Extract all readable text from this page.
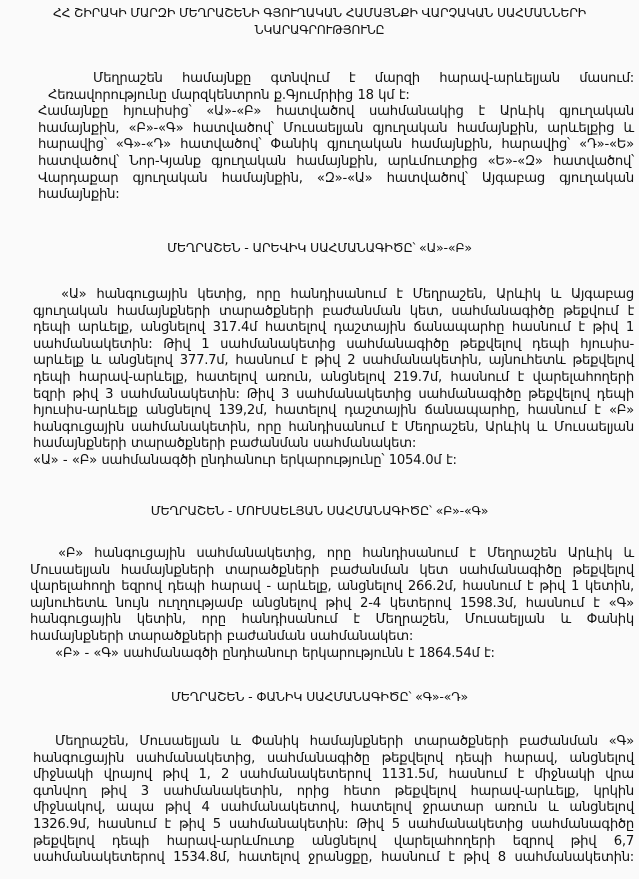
ՀՀ ՇԻՐԱԿԻ ՄԱՐԶԻ ՄԵՂՐԱՇԵՆԻ ԳՅՈՒՂԱԿԱՆ ՀԱՄԱՅՆՔԻ ՎԱՐՉԱԿԱՆ ՍԱՀՄԱՆՆԵՐԻ
ՆԿԱՐԱԳՐՈՒԹՅՈՒՆԸ
Մեղրաշեն համայնքը գտնվում է մարզի հարավ-արևելյան մասում:
Հեռավորությունը մարզկենտրոն ք.Գյումրիից 18 կմ է:
Համայնքը հյուսիսից՝ «Ա»-«Բ» հատվածով սահմանակից է Արևիկ գյուղական
համայնքին, «Բ»-«Գ» հատվածով՝ Մուսաելյան գյուղական համայնքին, արևելքից և
հարավից՝ «Գ»-«Դ» հատվածով՝ Փանիկ գյուղական համայնքին, հարավից՝ «Դ»-«Ե»
հատվածով՝ Նոր-Կյանք գյուղական համայնքին, արևմուտքից «Ե»-«Զ» հատվածով՝
Վարդաքար գյուղական համայնքին, «Զ»-«Ա» հատվածով՝ Այգաբաց գյուղական
համայնքին:
ՄԵՂՐԱՇԵՆ - ԱՐԵՎԻԿ ՍԱՀՄԱՆԱԳԻԾԸ՝ «Ա»-«Բ»
«Ա» հանգուցային կետից, որը հանդիսանում է Մեղրաշեն, Արևիկ և Այգաբաց
գյուղական համայնքների տարածքների բաժանման կետ, սահմանագիծը թեքվում է
դեպի արևելք, անցնելով 317.4մ հատելով դաշտային ճանապարհը հասնում է թիվ 1
սահմանակետին: Թիվ 1 սահմանակետից սահմանագիծը թեքվելով դեպի հյուսիս-
արևելք և անցնելով 377.7մ, հասնում է թիվ 2 սահմանակետին, այնուհետև թեքվելով
դեպի հարավ-արևելք, հատելով առուն, անցնելով 219.7մ, հասնում է վարելահողերի
եզրի թիվ 3 սահմանակետին: Թիվ 3 սահմանակետից սահմանագիծը թեքվելով դեպի
հյուսիս-արևելք անցնելով 139,2մ, հատելով դաշտային ճանապարհը, հասնում է «Բ»
հանգուցային սահմանակետին, որը հանդիսանում է Մեղրաշեն, Արևիկ և Մուսաելյան
համայնքների տարածքների բաժանման սահմանակետ:
«Ա» - «Բ» սահմանագծի ընդհանուր երկարությունը՝ 1054.0մ է:
ՄԵՂՐԱՇԵՆ - ՄՈՒՍԱԵԼՅԱՆ ՍԱՀՄԱՆԱԳԻԾԸ՝ «Բ»-«Գ»
«Բ» հանգուցային սահմանակետից, որը հանդիսանում է Մեղրաշեն Արևիկ և
Մուսաելյան համայնքների տարածքների բաժանման կետ սահմանագիծը թեքվելով
վարելահողի եզրով դեպի հարավ - արևելք, անցնելով 266.2մ, հասնում է թիվ 1 կետին,
այնուհետև նույն ուղղությամբ անցնելով թիվ 2-4 կետերով 1598.3մ, հասնում է «Գ»
հանգուցային կետին, որը հանդիսանում է Մեղրաշեն, Մուսաելյան և Փանիկ
համայնքների տարածքների բաժանման սահմանակետ:
«Բ» - «Գ» սահմանագծի ընդհանուր երկարությունն է 1864.54մ է:
ՄԵՂՐԱՇԵՆ - ՓԱՆԻԿ ՍԱՀՄԱՆԱԳԻԾԸ՝ «Գ»-«Դ»
Մեղրաշեն, Մուսաելյան և Փանիկ համայնքների տարածքների բաժանման «Գ»
հանգուցային սահմանակետից, սահմանագիծը թեքվելով դեպի հարավ, անցնելով
միջնակի վրայով թիվ 1, 2 սահմանակետերով 1131.5մ, հասնում է միջնակի վրա
գտնվող թիվ 3 սահմանակետին, որից հետո թեքվելով հարավ-արևելք, կրկին
միջնակով, ապա թիվ 4 սահմանակետով, հատելով ջրատար առուն և անցնելով
1326.9մ, հասնում է թիվ 5 սահմանակետին: Թիվ 5 սահմանակետից սահմանագիծը
թեքվելով դեպի հարավ-արևմուտք անցնելով վարելահողերի եզրով թիվ 6,7
սահմանակետերով 1534.8մ, հատելով ջրանցքը, հասնում է թիվ 8 սահմանակետին:
